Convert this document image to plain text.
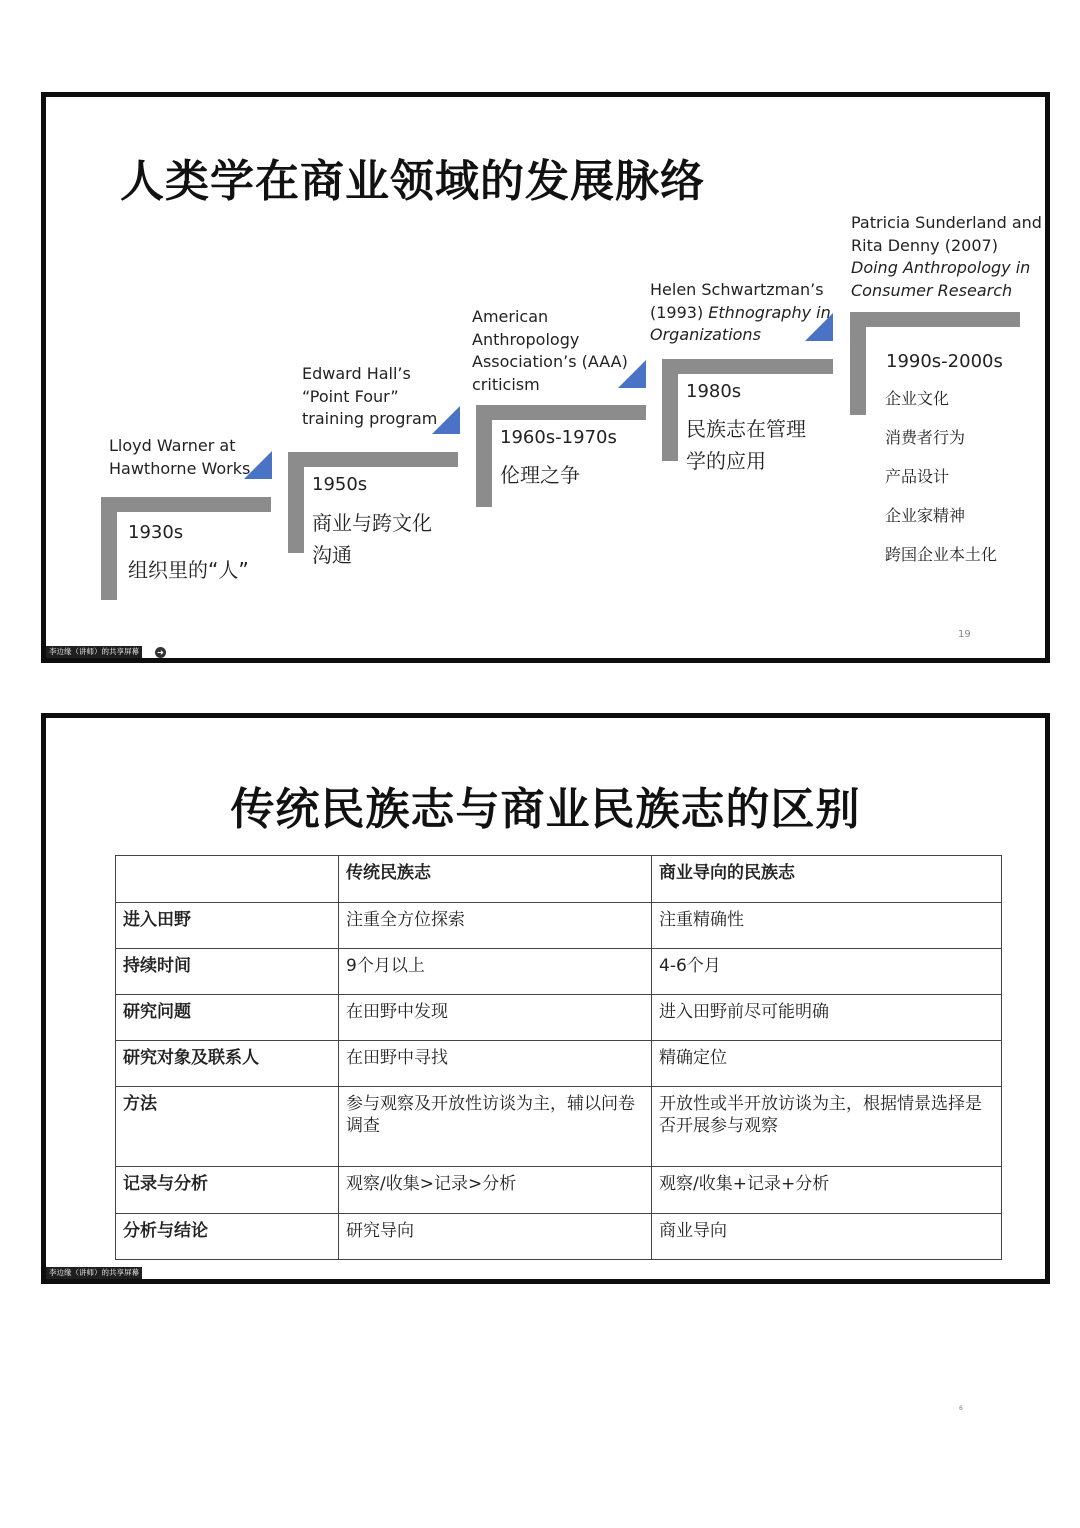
人类学在商业领域的发展脉络
Lloyd Warner at
Hawthorne Works
1930s
组织里的“人”
Edward Hall’s
“Point Four”
training program
1950s
商业与跨文化
沟通
American
Anthropology
Association’s (AAA)
criticism
1960s-1970s
伦理之争
Helen Schwartzman’s
(1993) Ethnography in
Organizations
1980s
民族志在管理
学的应用
Patricia Sunderland and
Rita Denny (2007)
Doing Anthropology in
Consumer Research
1990s-2000s
企业文化
消费者行为
产品设计
企业家精神
跨国企业本土化
19
李边缘（讲师）的共享屏幕	➜
传统民族志与商业民族志的区别
	传统民族志	商业导向的民族志
进入田野	注重全方位探索	注重精确性
持续时间	9个月以上	4-6个月
研究问题	在田野中发现	进入田野前尽可能明确
研究对象及联系人	在田野中寻找	精确定位
方法	参与观察及开放性访谈为主，辅以问卷调查	开放性或半开放访谈为主，根据情景选择是否开展参与观察
记录与分析	观察/收集>记录>分析	观察/收集+记录+分析
分析与结论	研究导向	商业导向
李边缘（讲师）的共享屏幕
6
